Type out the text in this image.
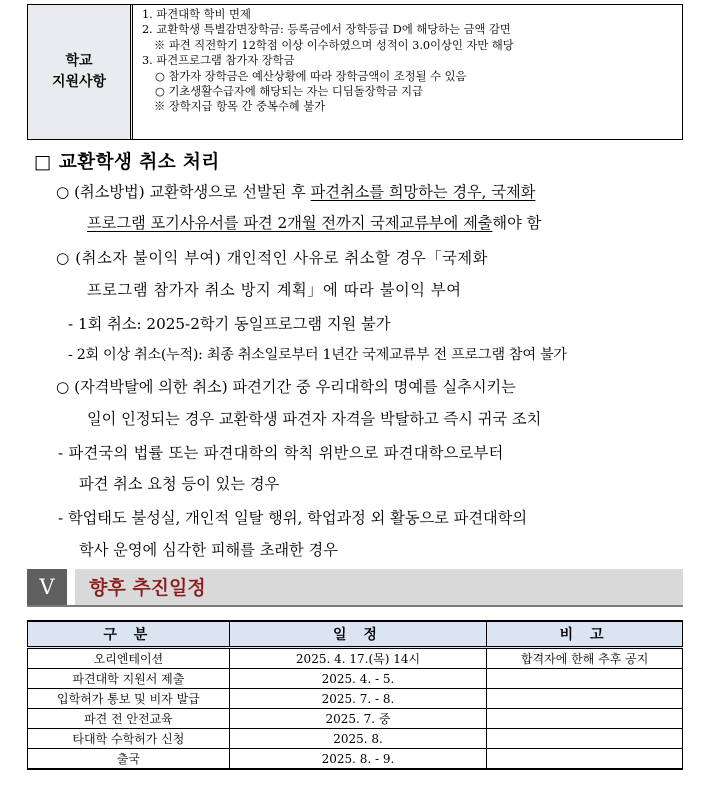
학교
지원사항
1. 파견대학 학비 면제
2. 교환학생 특별감면장학금: 등록금에서 장학등급 D에 해당하는 금액 감면
※ 파견 직전학기 12학점 이상 이수하였으며 성적이 3.0이상인 자만 해당
3. 파견프로그램 참가자 장학금
○ 참가자 장학금은 예산상황에 따라 장학금액이 조정될 수 있음
○ 기초생활수급자에 해당되는 자는 디딤돌장학금 지급
※ 장학지급 항목 간 중복수혜 불가
□ 교환학생 취소 처리
○ (취소방법) 교환학생으로 선발된 후 파견취소를 희망하는 경우, 국제화
프로그램 포기사유서를 파견 2개월 전까지 국제교류부에 제출해야 함
○ (취소자 불이익 부여) 개인적인 사유로 취소할 경우「국제화
프로그램 참가자 취소 방지 계획」에 따라 불이익 부여
- 1회 취소: 2025-2학기 동일프로그램 지원 불가
- 2회 이상 취소(누적): 최종 취소일로부터 1년간 국제교류부 전 프로그램 참여 불가
○ (자격박탈에 의한 취소) 파견기간 중 우리대학의 명예를 실추시키는
일이 인정되는 경우 교환학생 파견자 자격을 박탈하고 즉시 귀국 조치
- 파견국의 법률 또는 파견대학의 학칙 위반으로 파견대학으로부터
파견 취소 요청 등이 있는 경우
- 학업태도 불성실, 개인적 일탈 행위, 학업과정 외 활동으로 파견대학의
학사 운영에 심각한 피해를 초래한 경우
V	향후 추진일정
구 분	일 정	비 고
오리엔테이션	2025. 4. 17.(목) 14시	합격자에 한해 추후 공지
파견대학 지원서 제출	2025. 4. - 5.	
입학허가 통보 및 비자 발급	2025. 7. - 8.	
파견 전 안전교육	2025. 7. 중	
타대학 수학허가 신청	2025. 8.	
출국	2025. 8. - 9.	
